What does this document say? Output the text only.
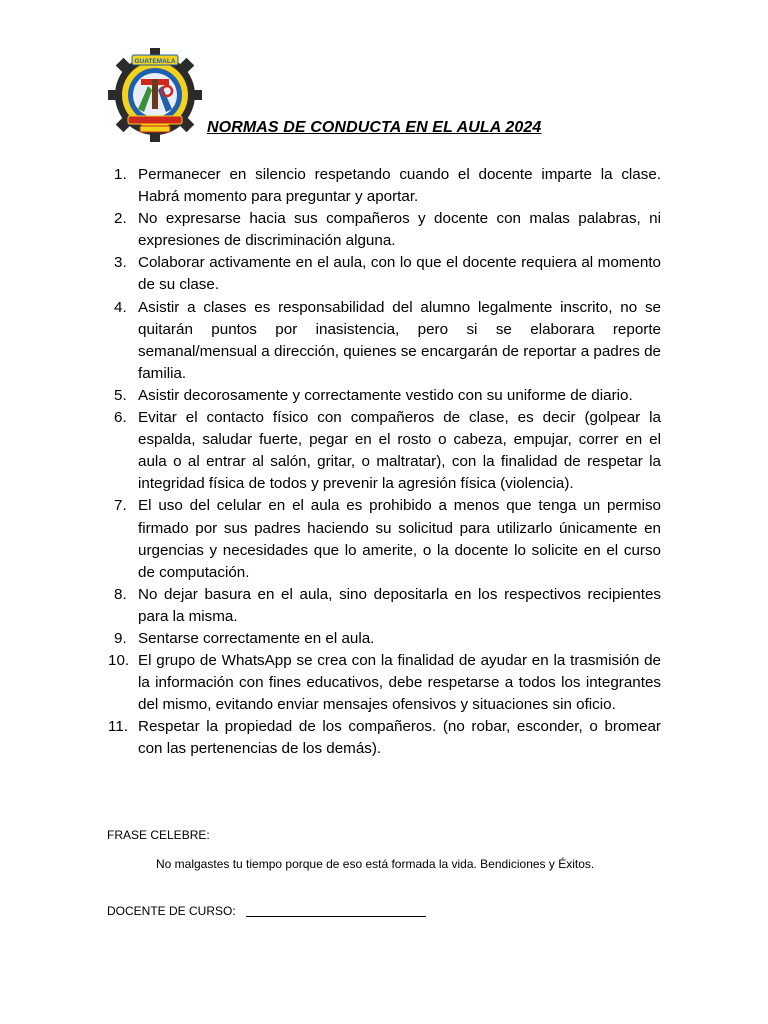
GUATEMALA
NORMAS DE CONDUCTA EN EL AULA 2024
1. Permanecer en silencio respetando cuando el docente imparte la clase. Habrá momento para preguntar y aportar.
2. No expresarse hacia sus compañeros y docente con malas palabras, ni expresiones de discriminación alguna.
3. Colaborar activamente en el aula, con lo que el docente requiera al momento de su clase.
4. Asistir a clases es responsabilidad del alumno legalmente inscrito, no se quitarán puntos por inasistencia, pero si se elaborara reporte semanal/mensual a dirección, quienes se encargarán de reportar a padres de familia.
5. Asistir decorosamente y correctamente vestido con su uniforme de diario.
6. Evitar el contacto físico con compañeros de clase, es decir (golpear la espalda, saludar fuerte, pegar en el rosto o cabeza, empujar, correr en el aula o al entrar al salón, gritar, o maltratar), con la finalidad de respetar la integridad física de todos y prevenir la agresión física (violencia).
7. El uso del celular en el aula es prohibido a menos que tenga un permiso firmado por sus padres haciendo su solicitud para utilizarlo únicamente en urgencias y necesidades que lo amerite, o la docente lo solicite en el curso de computación.
8. No dejar basura en el aula, sino depositarla en los respectivos recipientes para la misma.
9. Sentarse correctamente en el aula.
10. El grupo de WhatsApp se crea con la finalidad de ayudar en la trasmisión de la información con fines educativos, debe respetarse a todos los integrantes del mismo, evitando enviar mensajes ofensivos y situaciones sin oficio.
11. Respetar la propiedad de los compañeros. (no robar, esconder, o bromear con las pertenencias de los demás).
FRASE CELEBRE:
No malgastes tu tiempo porque de eso está formada la vida. Bendiciones y Éxitos.
DOCENTE DE CURSO:
